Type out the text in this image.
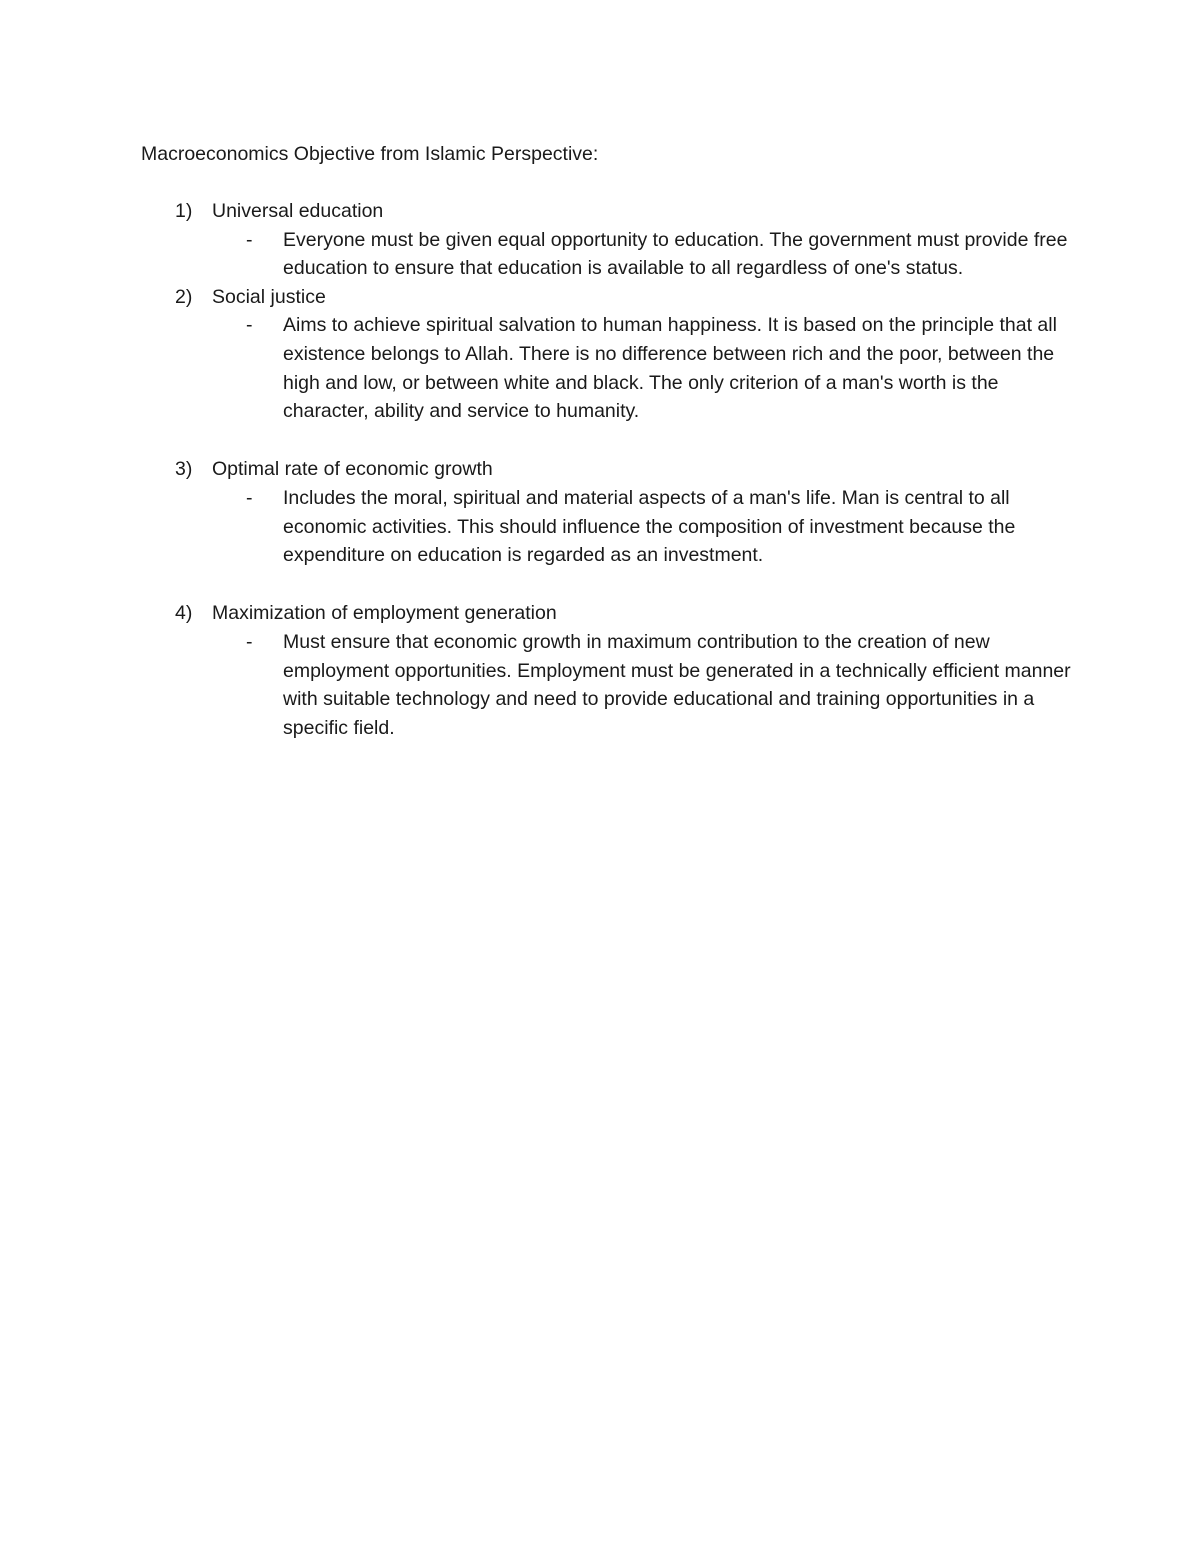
Macroeconomics Objective from Islamic Perspective:
1) Universal education
- Everyone must be given equal opportunity to education. The government must provide free education to ensure that education is available to all regardless of one's status.
2) Social justice
- Aims to achieve spiritual salvation to human happiness. It is based on the principle that all existence belongs to Allah. There is no difference between rich and the poor, between the high and low, or between white and black. The only criterion of a man's worth is the character, ability and service to humanity.
3) Optimal rate of economic growth
- Includes the moral, spiritual and material aspects of a man's life. Man is central to all economic activities. This should influence the composition of investment because the expenditure on education is regarded as an investment.
4) Maximization of employment generation
- Must ensure that economic growth in maximum contribution to the creation of new employment opportunities. Employment must be generated in a technically efficient manner with suitable technology and need to provide educational and training opportunities in a specific field.
